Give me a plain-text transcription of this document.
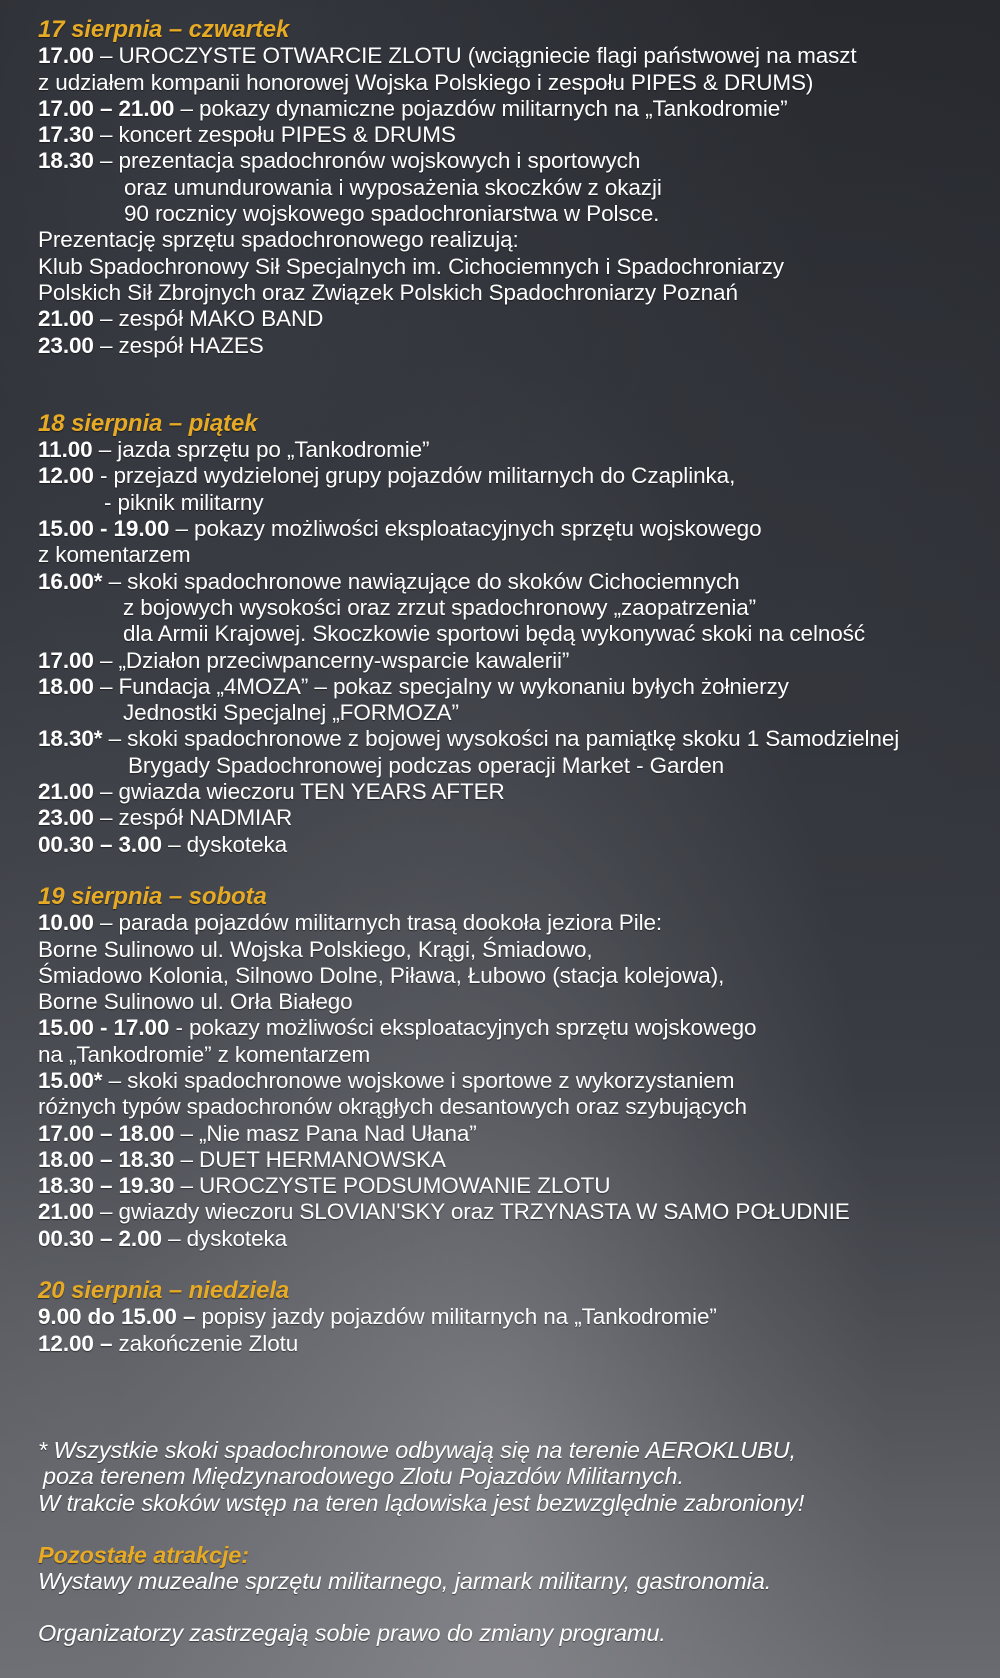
17 sierpnia – czwartek
17.00 – UROCZYSTE OTWARCIE ZLOTU (wciągniecie flagi państwowej na maszt
z udziałem kompanii honorowej Wojska Polskiego i zespołu PIPES & DRUMS)
17.00 – 21.00 – pokazy dynamiczne pojazdów militarnych na „Tankodromie”
17.30 – koncert zespołu PIPES & DRUMS
18.30 – prezentacja spadochronów wojskowych i sportowych
oraz umundurowania i wyposażenia skoczków z okazji
90 rocznicy wojskowego spadochroniarstwa w Polsce.
Prezentację sprzętu spadochronowego realizują:
Klub Spadochronowy Sił Specjalnych im. Cichociemnych i Spadochroniarzy
Polskich Sił Zbrojnych oraz Związek Polskich Spadochroniarzy Poznań
21.00 – zespół MAKO BAND
23.00 – zespół HAZES
18 sierpnia – piątek
11.00 – jazda sprzętu po „Tankodromie”
12.00 - przejazd wydzielonej grupy pojazdów militarnych do Czaplinka,
- piknik militarny
15.00 - 19.00 – pokazy możliwości eksploatacyjnych sprzętu wojskowego
z komentarzem
16.00* – skoki spadochronowe nawiązujące do skoków Cichociemnych
z bojowych wysokości oraz zrzut spadochronowy „zaopatrzenia”
dla Armii Krajowej. Skoczkowie sportowi będą wykonywać skoki na celność
17.00 – „Działon przeciwpancerny-wsparcie kawalerii”
18.00 – Fundacja „4MOZA” – pokaz specjalny w wykonaniu byłych żołnierzy
Jednostki Specjalnej „FORMOZA”
18.30* – skoki spadochronowe z bojowej wysokości na pamiątkę skoku 1 Samodzielnej
Brygady Spadochronowej podczas operacji Market - Garden
21.00 – gwiazda wieczoru TEN YEARS AFTER
23.00 – zespół NADMIAR
00.30 – 3.00 – dyskoteka
19 sierpnia – sobota
10.00 – parada pojazdów militarnych trasą dookoła jeziora Pile:
Borne Sulinowo ul. Wojska Polskiego, Krągi, Śmiadowo,
Śmiadowo Kolonia, Silnowo Dolne, Piława, Łubowo (stacja kolejowa),
Borne Sulinowo ul. Orła Białego
15.00 - 17.00 - pokazy możliwości eksploatacyjnych sprzętu wojskowego
na „Tankodromie” z komentarzem
15.00* – skoki spadochronowe wojskowe i sportowe z wykorzystaniem
różnych typów spadochronów okrągłych desantowych oraz szybujących
17.00 – 18.00 – „Nie masz Pana Nad Ułana”
18.00 – 18.30 – DUET HERMANOWSKA
18.30 – 19.30 – UROCZYSTE PODSUMOWANIE ZLOTU
21.00 – gwiazdy wieczoru SLOVIAN'SKY oraz TRZYNASTA W SAMO POŁUDNIE
00.30 – 2.00 – dyskoteka
20 sierpnia – niedziela
9.00 do 15.00 – popisy jazdy pojazdów militarnych na „Tankodromie”
12.00 – zakończenie Zlotu
* Wszystkie skoki spadochronowe odbywają się na terenie AEROKLUBU,
poza terenem Międzynarodowego Zlotu Pojazdów Militarnych.
W trakcie skoków wstęp na teren lądowiska jest bezwzględnie zabroniony!
Pozostałe atrakcje:
Wystawy muzealne sprzętu militarnego, jarmark militarny, gastronomia.
Organizatorzy zastrzegają sobie prawo do zmiany programu.
